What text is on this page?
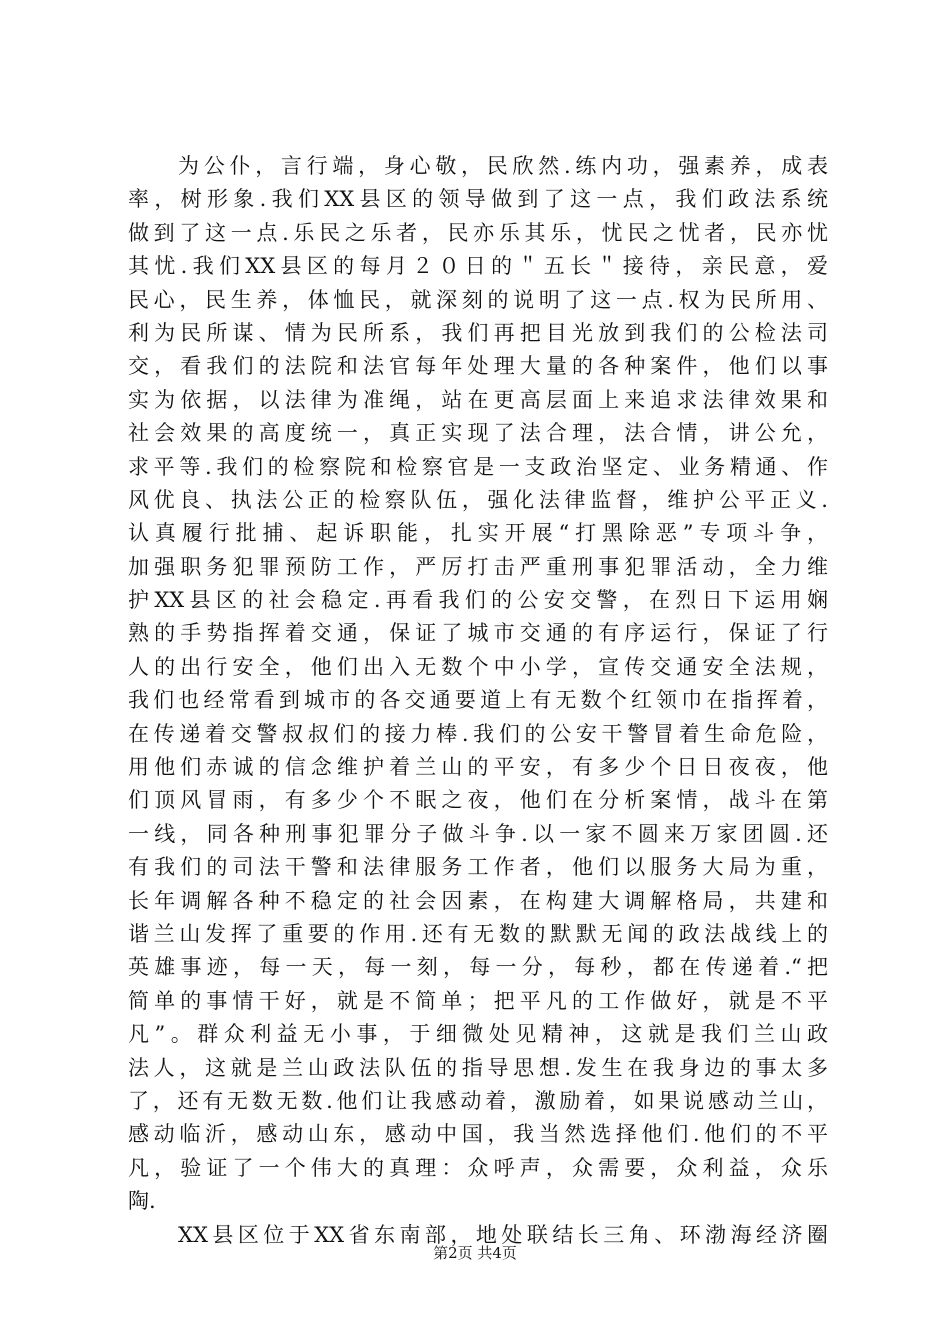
为公仆，言行端，身心敬，民欣然.练内功，强素养，成表
率，树形象.我们XX县区的领导做到了这一点，我们政法系统
做到了这一点.乐民之乐者，民亦乐其乐，忧民之忧者，民亦忧
其忧.我们XX县区的每月２０日的＂五长＂接待，亲民意，爱
民心，民生养，体恤民，就深刻的说明了这一点.权为民所用、
利为民所谋、情为民所系，我们再把目光放到我们的公检法司
交，看我们的法院和法官每年处理大量的各种案件，他们以事
实为依据，以法律为准绳，站在更高层面上来追求法律效果和
社会效果的高度统一，真正实现了法合理，法合情，讲公允，
求平等.我们的检察院和检察官是一支政治坚定、业务精通、作
风优良、执法公正的检察队伍，强化法律监督，维护公平正义.
认真履行批捕、起诉职能，扎实开展“打黑除恶”专项斗争，
加强职务犯罪预防工作，严厉打击严重刑事犯罪活动，全力维
护XX县区的社会稳定.再看我们的公安交警，在烈日下运用娴
熟的手势指挥着交通，保证了城市交通的有序运行，保证了行
人的出行安全，他们出入无数个中小学，宣传交通安全法规，
我们也经常看到城市的各交通要道上有无数个红领巾在指挥着，
在传递着交警叔叔们的接力棒.我们的公安干警冒着生命危险，
用他们赤诚的信念维护着兰山的平安，有多少个日日夜夜，他
们顶风冒雨，有多少个不眠之夜，他们在分析案情，战斗在第
一线，同各种刑事犯罪分子做斗争.以一家不圆来万家团圆.还
有我们的司法干警和法律服务工作者，他们以服务大局为重，
长年调解各种不稳定的社会因素，在构建大调解格局，共建和
谐兰山发挥了重要的作用.还有无数的默默无闻的政法战线上的
英雄事迹，每一天，每一刻，每一分，每秒，都在传递着.“把
简单的事情干好，就是不简单；把平凡的工作做好，就是不平
凡”。群众利益无小事，于细微处见精神，这就是我们兰山政
法人，这就是兰山政法队伍的指导思想.发生在我身边的事太多
了，还有无数无数.他们让我感动着，激励着，如果说感动兰山，
感动临沂，感动山东，感动中国，我当然选择他们.他们的不平
凡，验证了一个伟大的真理：众呼声，众需要，众利益，众乐
陶.
XX县区位于XX省东南部，地处联结长三角、环渤海经济圈
第2页 共4页
